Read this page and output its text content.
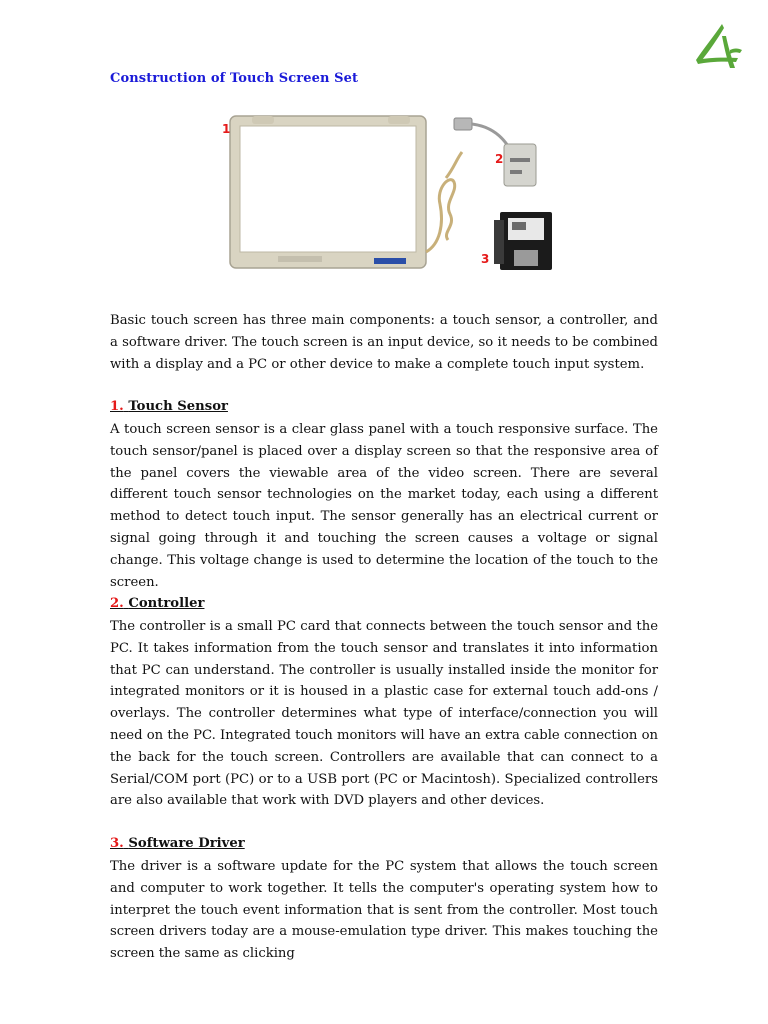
Construction of Touch Screen Set
1
2
3

Basic touch screen has three main components: a touch sensor, a controller, and a software driver. The touch screen is an input device, so it needs to be combined with a display and a PC or other device to make a complete touch input system.

1. Touch Sensor

A touch screen sensor is a clear glass panel with a touch responsive surface. The touch sensor/panel is placed over a display screen so that the responsive area of the panel covers the viewable area of the video screen. There are several different touch sensor technologies on the market today, each using a different method to detect touch input. The sensor generally has an electrical current or signal going through it and touching the screen causes a voltage or signal change. This voltage change is used to determine the location of the touch to the screen.

2. Controller

The controller is a small PC card that connects between the touch sensor and the PC. It takes information from the touch sensor and translates it into information that PC can understand. The controller is usually installed inside the monitor for integrated monitors or it is housed in a plastic case for external touch add-ons / overlays. The controller determines what type of interface/connection you will need on the PC. Integrated touch monitors will have an extra cable connection on the back for the touch screen. Controllers are available that can connect to a Serial/COM port (PC) or to a USB port (PC or Macintosh). Specialized controllers are also available that work with DVD players and other devices.

3. Software Driver

The driver is a software update for the PC system that allows the touch screen and computer to work together. It tells the computer's operating system how to interpret the touch event information that is sent from the controller. Most touch screen drivers today are a mouse-emulation type driver. This makes touching the screen the same as clicking
